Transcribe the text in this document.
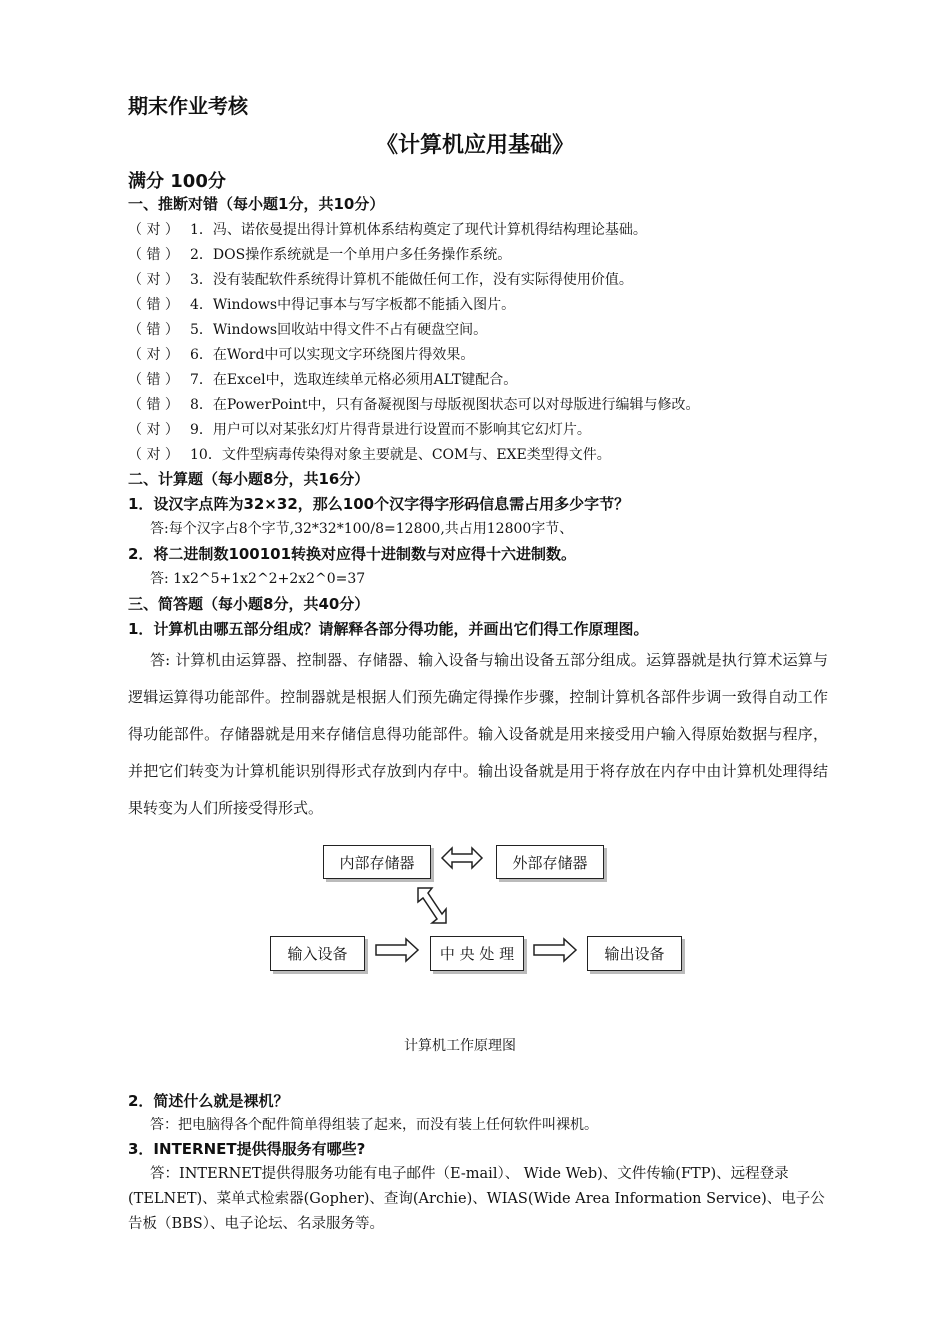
期末作业考核
《计算机应用基础》
满分 100分
一、推断对错（每小题1分，共10分）
（ 对 ） 1．冯、诺依曼提出得计算机体系结构奠定了现代计算机得结构理论基础。
（ 错 ） 2．DOS操作系统就是一个单用户多任务操作系统。
（ 对 ） 3．没有装配软件系统得计算机不能做任何工作，没有实际得使用价值。
（ 错 ） 4．Windows中得记事本与写字板都不能插入图片。
（ 错 ） 5．Windows回收站中得文件不占有硬盘空间。
（ 对 ） 6．在Word中可以实现文字环绕图片得效果。
（ 错 ） 7．在Excel中，选取连续单元格必须用ALT键配合。
（ 错 ） 8．在PowerPoint中，只有备凝视图与母版视图状态可以对母版进行编辑与修改。
（ 对 ） 9．用户可以对某张幻灯片得背景进行设置而不影响其它幻灯片。
（ 对 ） 10．文件型病毒传染得对象主要就是、COM与、EXE类型得文件。
二、计算题（每小题8分，共16分）
1．设汉字点阵为32×32，那么100个汉字得字形码信息需占用多少字节？
答:每个汉字占8个字节,32*32*100/8=12800,共占用12800字节、
2．将二进制数100101转换对应得十进制数与对应得十六进制数。
答: 1x2^5+1x2^2+2x2^0=37
三、简答题（每小题8分，共40分）
1．计算机由哪五部分组成？请解释各部分得功能，并画出它们得工作原理图。
答: 计算机由运算器、控制器、存储器、输入设备与输出设备五部分组成。运算器就是执行算术运算与逻辑运算得功能部件。控制器就是根据人们预先确定得操作步骤，控制计算机各部件步调一致得自动工作得功能部件。存储器就是用来存储信息得功能部件。输入设备就是用来接受用户输入得原始数据与程序，并把它们转变为计算机能识别得形式存放到内存中。输出设备就是用于将存放在内存中由计算机处理得结果转变为人们所接受得形式。
内部存储器	外部存储器
输入设备	中 央 处 理	输出设备
计算机工作原理图
2．简述什么就是裸机？
答：把电脑得各个配件简单得组装了起来，而没有装上任何软件叫裸机。
3．INTERNET提供得服务有哪些?
答：INTERNET提供得服务功能有电子邮件（E-mail）、 Wide Web)、文件传输(FTP)、远程登录(TELNET)、菜单式检索器(Gopher)、查询(Archie)、WIAS(Wide Area Information Service)、电子公告板（BBS）、电子论坛、名录服务等。
